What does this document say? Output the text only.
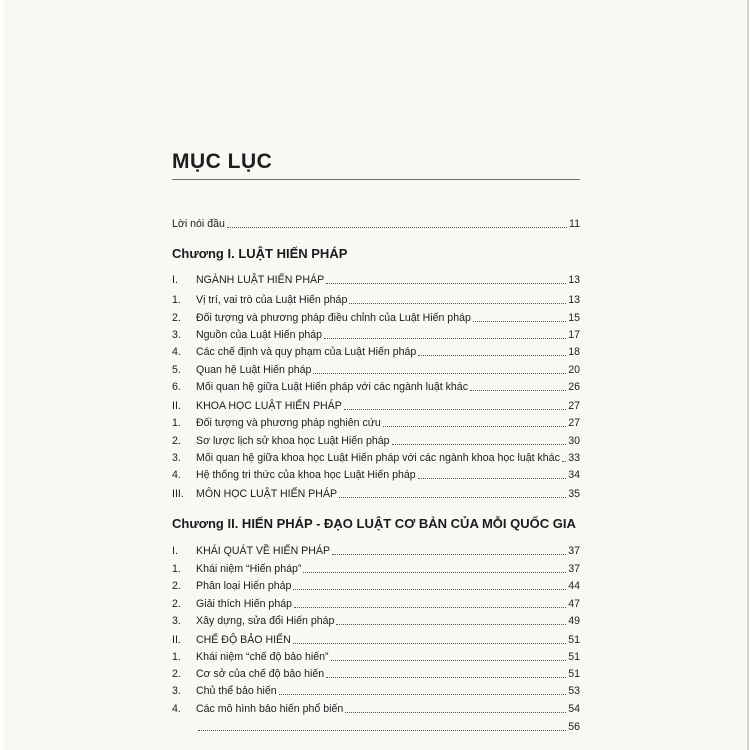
MỤC LỤC
Lời nói đầu	11
Chương I. LUẬT HIẾN PHÁP
I.	NGÀNH LUẬT HIẾN PHÁP	13
1.	Vị trí, vai trò của Luật Hiến pháp	13
2.	Đối tượng và phương pháp điều chỉnh của Luật Hiến pháp	15
3.	Nguồn của Luật Hiến pháp	17
4.	Các chế định và quy phạm của Luật Hiến pháp	18
5.	Quan hệ Luật Hiến pháp	20
6.	Mối quan hệ giữa Luật Hiến pháp với các ngành luật khác	26
II.	KHOA HỌC LUẬT HIẾN PHÁP	27
1.	Đối tượng và phương pháp nghiên cứu	27
2.	Sơ lược lịch sử khoa học Luật Hiến pháp	30
3.	Mối quan hệ giữa khoa học Luật Hiến pháp với các ngành khoa học luật khác 33
4.	Hệ thống tri thức của khoa học Luật Hiến pháp	34
III.	MÔN HỌC LUẬT HIẾN PHÁP	35
Chương II. HIẾN PHÁP - ĐẠO LUẬT CƠ BẢN CỦA MỖI QUỐC GIA
I.	KHÁI QUÁT VỀ HIẾN PHÁP	37
1.	Khái niệm “Hiến pháp”	37
2.	Phân loại Hiến pháp	44
2.	Giải thích Hiến pháp	47
3.	Xây dựng, sửa đổi Hiến pháp	49
II.	CHẾ ĐỘ BẢO HIẾN	51
1.	Khái niệm “chế độ bảo hiến”	51
2.	Cơ sở của chế độ bảo hiến	51
3.	Chủ thể bảo hiến	53
4.	Các mô hình bảo hiến phổ biến	54
56
